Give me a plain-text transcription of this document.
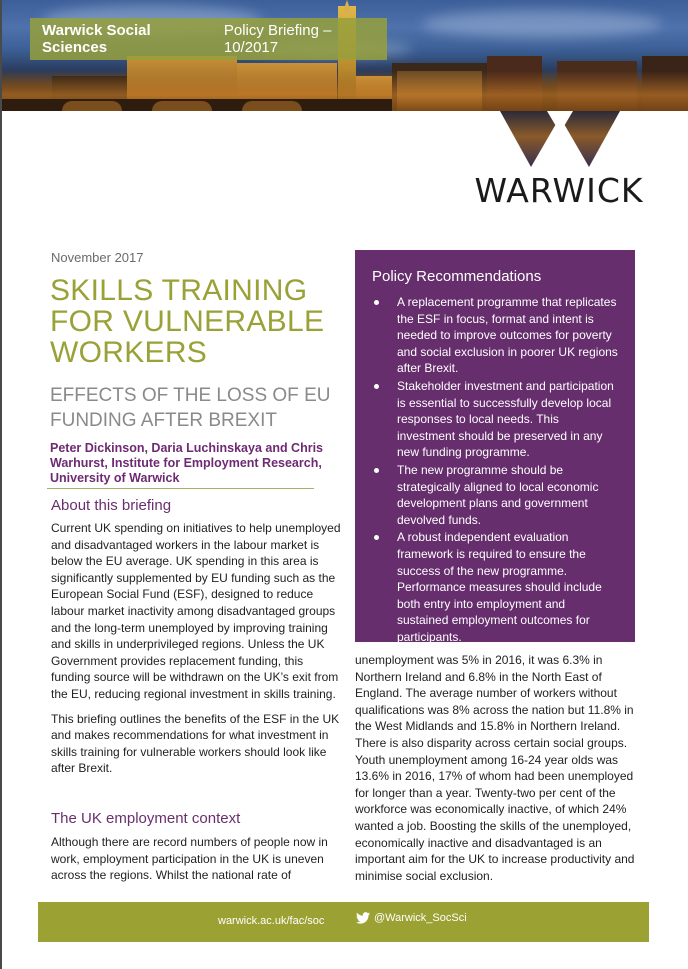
Warwick Social Sciences
Policy Briefing – 10/2017
WARWICK
November 2017
SKILLS TRAINING
FOR VULNERABLE
WORKERS
EFFECTS OF THE LOSS OF EU
FUNDING AFTER BREXIT
Peter Dickinson, Daria Luchinskaya and Chris Warhurst, Institute for Employment Research, University of Warwick
About this briefing

Current UK spending on initiatives to help unemployed and disadvantaged workers in the labour market is below the EU average. UK spending in this area is significantly supplemented by EU funding such as the European Social Fund (ESF), designed to reduce labour market inactivity among disadvantaged groups and the long-term unemployed by improving training and skills in underprivileged regions. Unless the UK Government provides replacement funding, this funding source will be withdrawn on the UK’s exit from the EU, reducing regional investment in skills training.

This briefing outlines the benefits of the ESF in the UK and makes recommendations for what investment in skills training for vulnerable workers should look like after Brexit.

The UK employment context

Although there are record numbers of people now in work, employment participation in the UK is uneven across the regions. Whilst the national rate of

Policy Recommendations
A replacement programme that replicates the ESF in focus, format and intent is needed to improve outcomes for poverty and social exclusion in poorer UK regions after Brexit.
Stakeholder investment and participation is essential to successfully develop local responses to local needs. This investment should be preserved in any new funding programme.
The new programme should be strategically aligned to local economic development plans and government devolved funds.
A robust independent evaluation framework is required to ensure the success of the new programme. Performance measures should include both entry into employment and sustained employment outcomes for participants.

unemployment was 5% in 2016, it was 6.3% in Northern Ireland and 6.8% in the North East of England. The average number of workers without qualifications was 8% across the nation but 11.8% in the West Midlands and 15.8% in Northern Ireland. There is also disparity across certain social groups. Youth unemployment among 16-24 year olds was 13.6% in 2016, 17% of whom had been unemployed for longer than a year. Twenty-two per cent of the workforce was economically inactive, of which 24% wanted a job. Boosting the skills of the unemployed, economically inactive and disadvantaged is an important aim for the UK to increase productivity and minimise social exclusion.

warwick.ac.uk/fac/soc	@Warwick_SocSci
